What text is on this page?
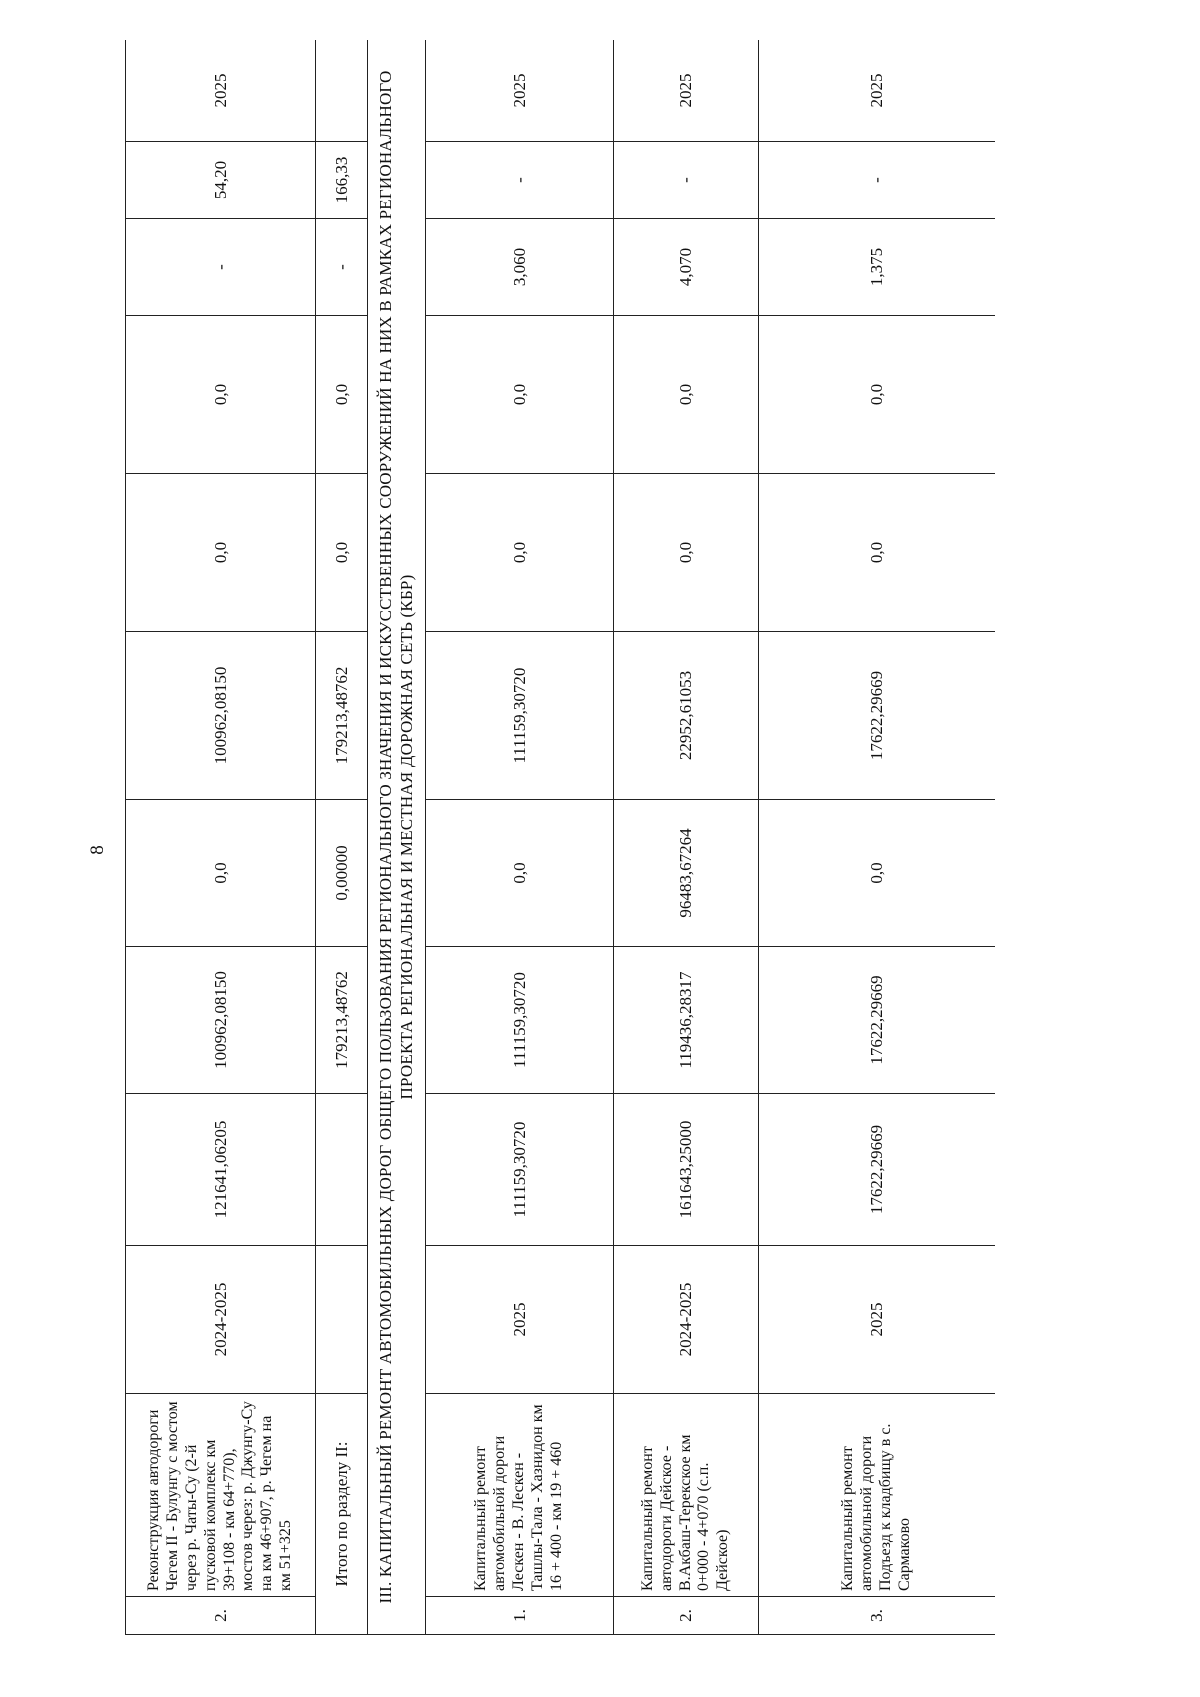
8
2.	Реконструкция автодороги Чегем II - Булунгу с мостом через р. Чаты-Су (2-й пусковой комплекс км 39+108 - км 64+770), мостов через: р. Джунгу-Су на км 46+907, р. Чегем на км 51+325	2024-2025	121641,06205	100962,08150	0,0	100962,08150	0,0	0,0	-	54,20	2025
Итого по разделу II:				179213,48762	0,00000	179213,48762	0,0	0,0	-	166,33	
III. КАПИТАЛЬНЫЙ РЕМОНТ АВТОМОБИЛЬНЫХ ДОРОГ ОБЩЕГО ПОЛЬЗОВАНИЯ РЕГИОНАЛЬНОГО ЗНАЧЕНИЯ И ИСКУССТВЕННЫХ СООРУЖЕНИЙ НА НИХ В РАМКАХ РЕГИОНАЛЬНОГО ПРОЕКТА РЕГИОНАЛЬНАЯ И МЕСТНАЯ ДОРОЖНАЯ СЕТЬ (КБР)											
1.	Капитальный ремонт автомобильной дороги Лескен - В. Лескен - Ташлы-Тала - Хазнидон км 16 + 400 - км 19 + 460	2025	111159,30720	111159,30720	0,0	111159,30720	0,0	0,0	3,060	-	2025
2.	Капитальный ремонт автодороги Дейское - В.Акбаш-Терекское км 0+000 - 4+070 (с.п. Дейское)	2024-2025	161643,25000	119436,28317	96483,67264	22952,61053	0,0	0,0	4,070	-	2025
3.	Капитальный ремонт автомобильной дороги Подъезд к кладбищу в с. Сармаково	2025	17622,29669	17622,29669	0,0	17622,29669	0,0	0,0	1,375	-	2025
